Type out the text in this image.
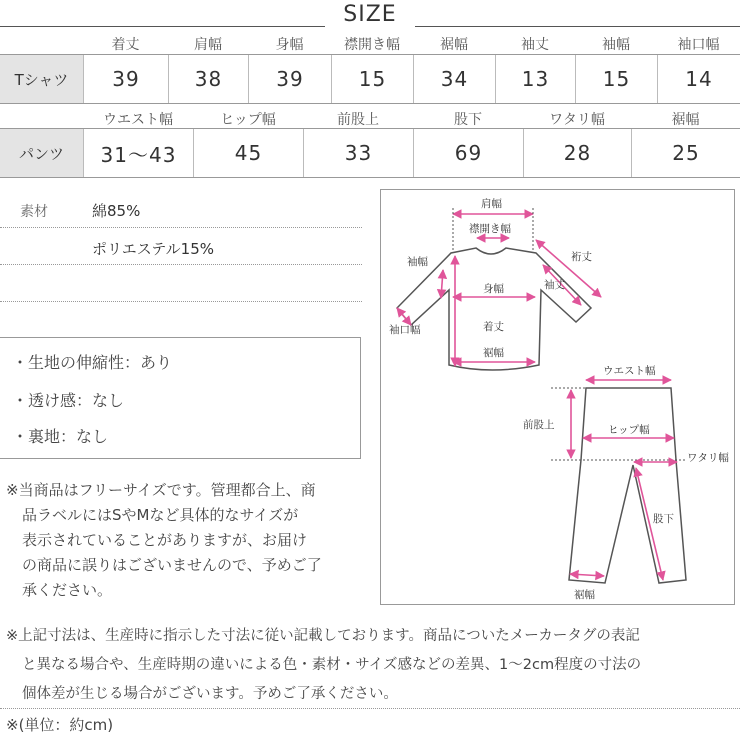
SIZE
着丈	肩幅	身幅	襟開き幅	裾幅	袖丈	袖幅	袖口幅
Tシャツ	39	38	39	15	34	13	15	14
ウエスト幅	ヒップ幅	前股上	股下	ワタリ幅	裾幅
パンツ	31〜43	45	33	69	28	25
素材	綿85%
ポリエステル15%
・生地の伸縮性：あり
・透け感：なし
・裏地：なし
※当商品はフリーサイズです。管理都合上、商
品ラベルにはSやMなど具体的なサイズが
表示されていることがありますが、お届け
の商品に誤りはございませんので、予めご了
承ください。
肩幅
襟開き幅
裄丈
袖幅
身幅	袖丈
袖口幅	着丈
裾幅
ウエスト幅
前股上	ヒップ幅
ワタリ幅
股下
裾幅
※上記寸法は、生産時に指示した寸法に従い記載しております。商品についたメーカータグの表記
と異なる場合や、生産時期の違いによる色・素材・サイズ感などの差異、1〜2cm程度の寸法の
個体差が生じる場合がございます。予めご了承ください。
※(単位：約cm)
